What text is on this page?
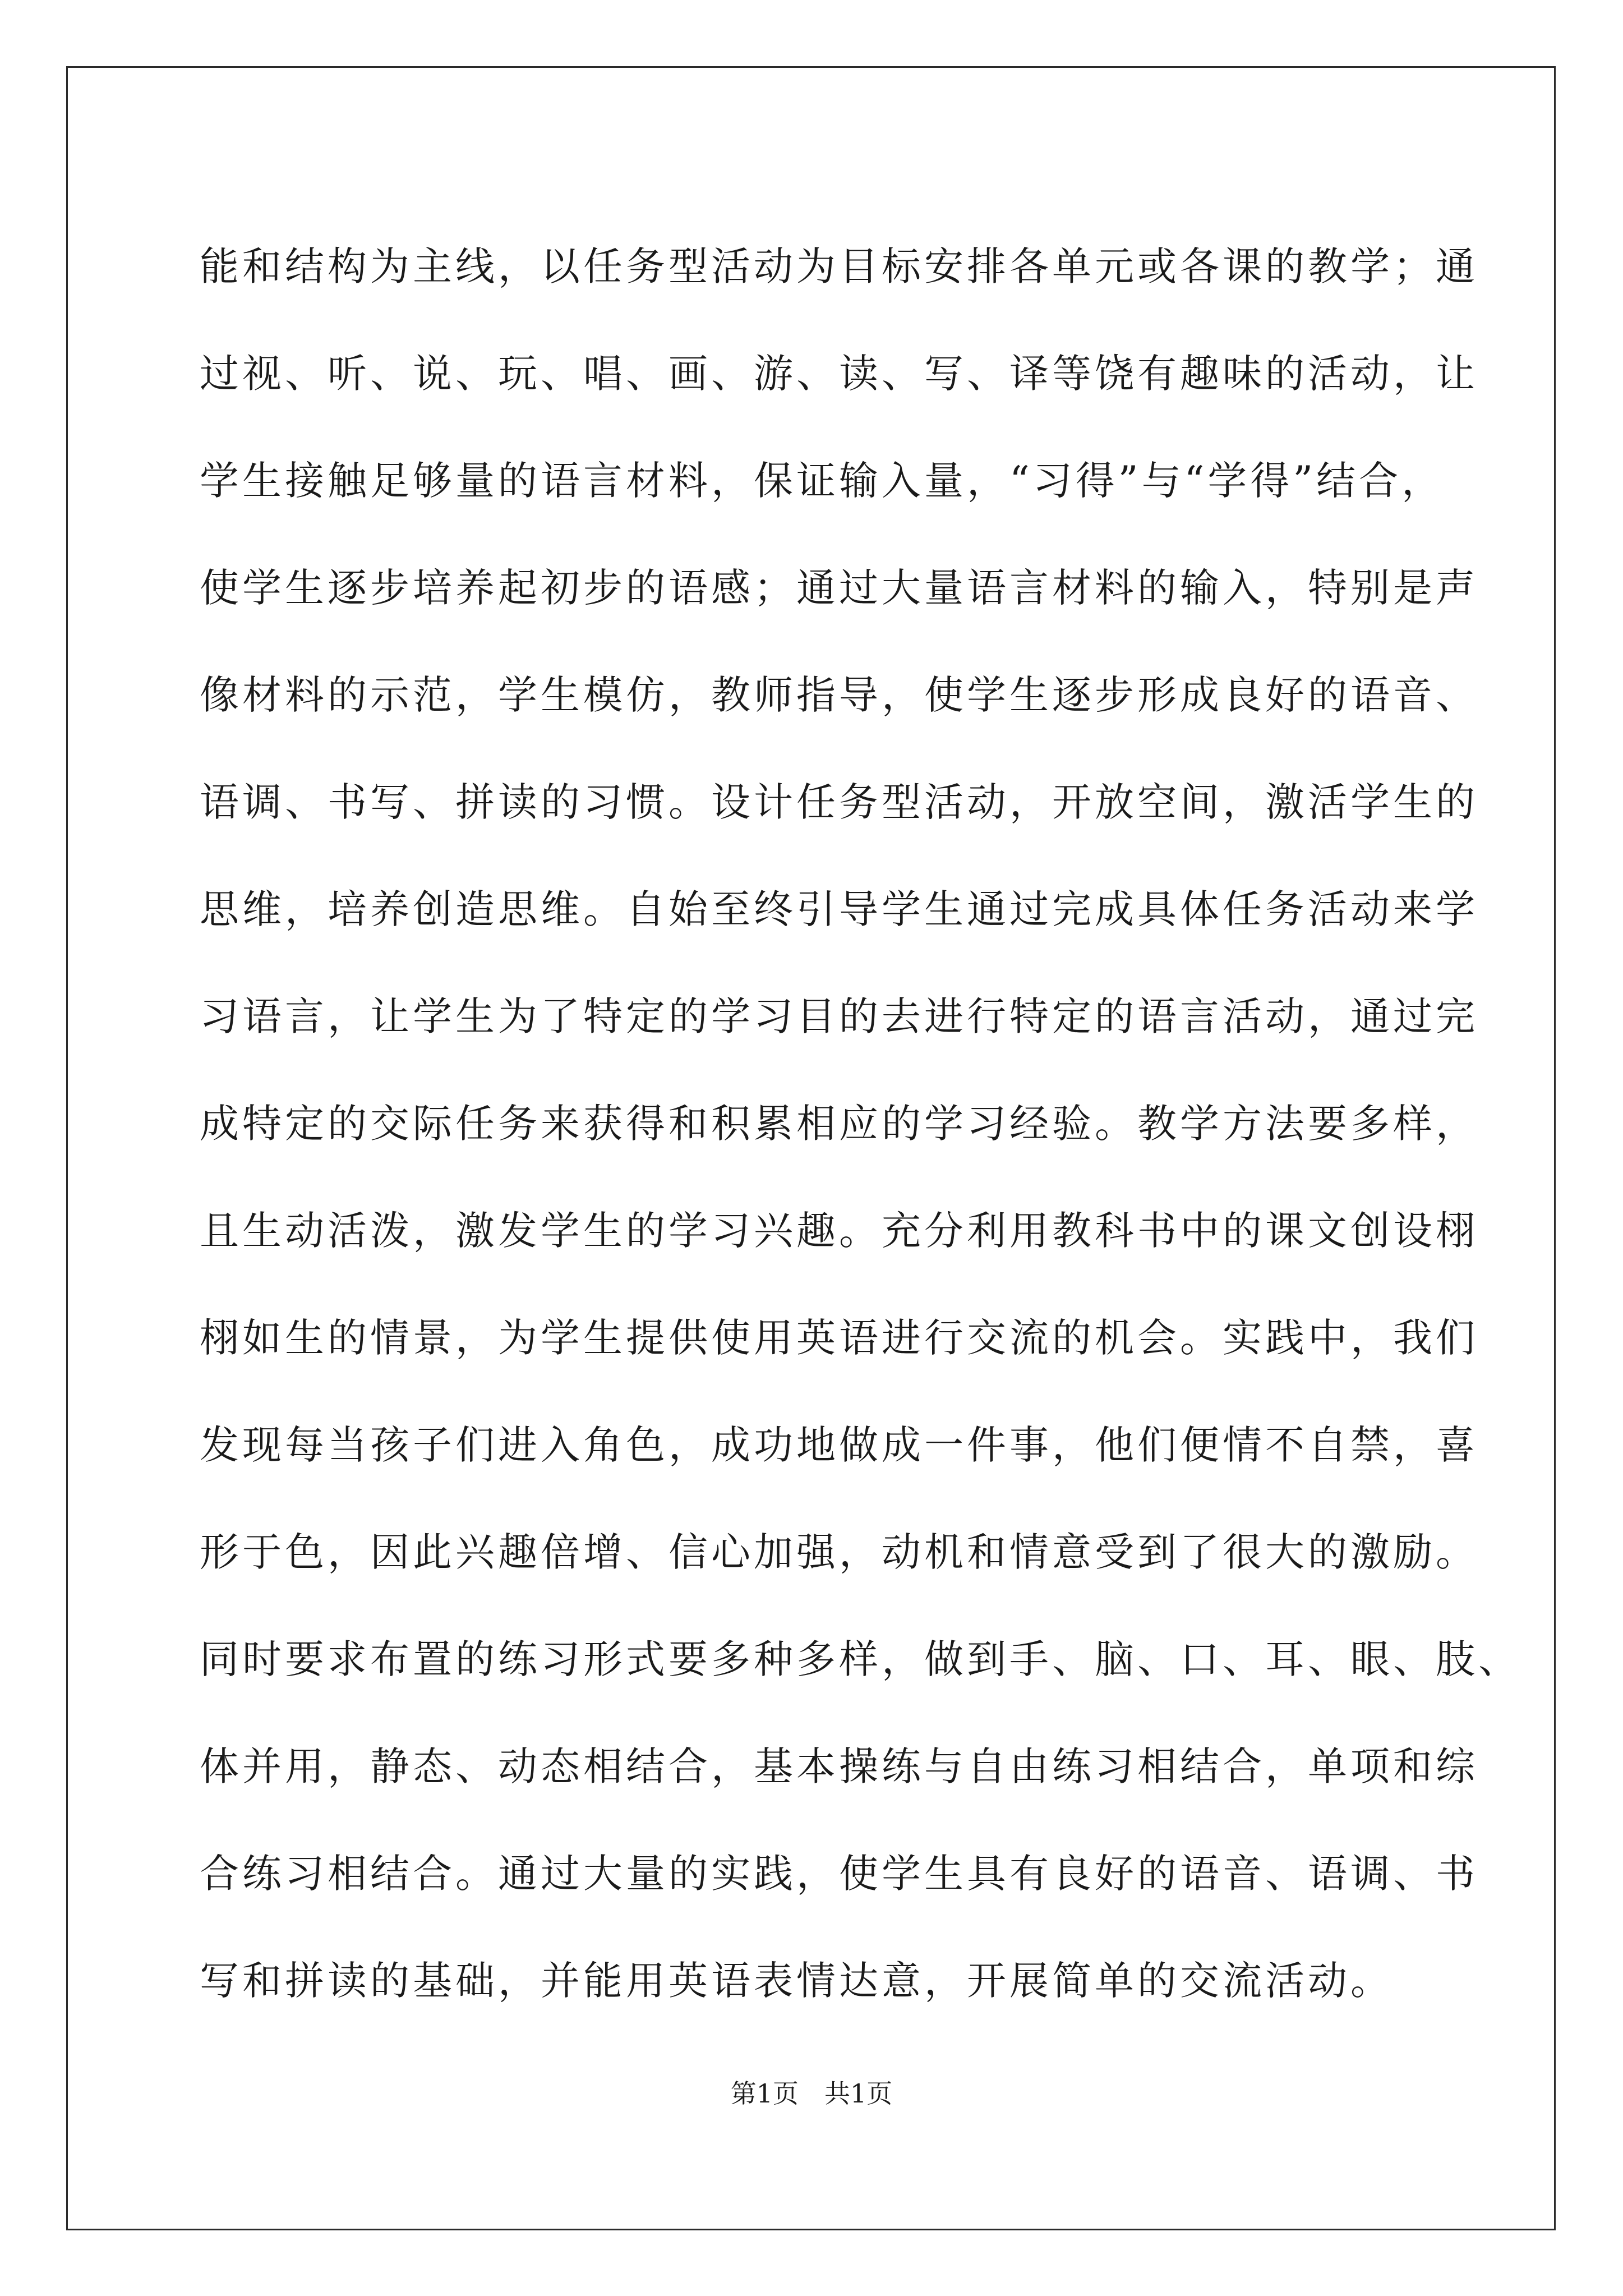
能和结构为主线，以任务型活动为目标安排各单元或各课的教学；通
过视、听、说、玩、唱、画、游、读、写、译等饶有趣味的活动，让
学生接触足够量的语言材料，保证输入量，“习得”与“学得”结合，
使学生逐步培养起初步的语感；通过大量语言材料的输入，特别是声
像材料的示范，学生模仿，教师指导，使学生逐步形成良好的语音、
语调、书写、拼读的习惯。设计任务型活动，开放空间，激活学生的
思维，培养创造思维。自始至终引导学生通过完成具体任务活动来学
习语言，让学生为了特定的学习目的去进行特定的语言活动，通过完
成特定的交际任务来获得和积累相应的学习经验。教学方法要多样，
且生动活泼，激发学生的学习兴趣。充分利用教科书中的课文创设栩
栩如生的情景，为学生提供使用英语进行交流的机会。实践中，我们
发现每当孩子们进入角色，成功地做成一件事，他们便情不自禁，喜
形于色，因此兴趣倍增、信心加强，动机和情意受到了很大的激励。
同时要求布置的练习形式要多种多样，做到手、脑、口、耳、眼、肢、
体并用，静态、动态相结合，基本操练与自由练习相结合，单项和综
合练习相结合。通过大量的实践，使学生具有良好的语音、语调、书
写和拼读的基础，并能用英语表情达意，开展简单的交流活动。
第1页 共1页
